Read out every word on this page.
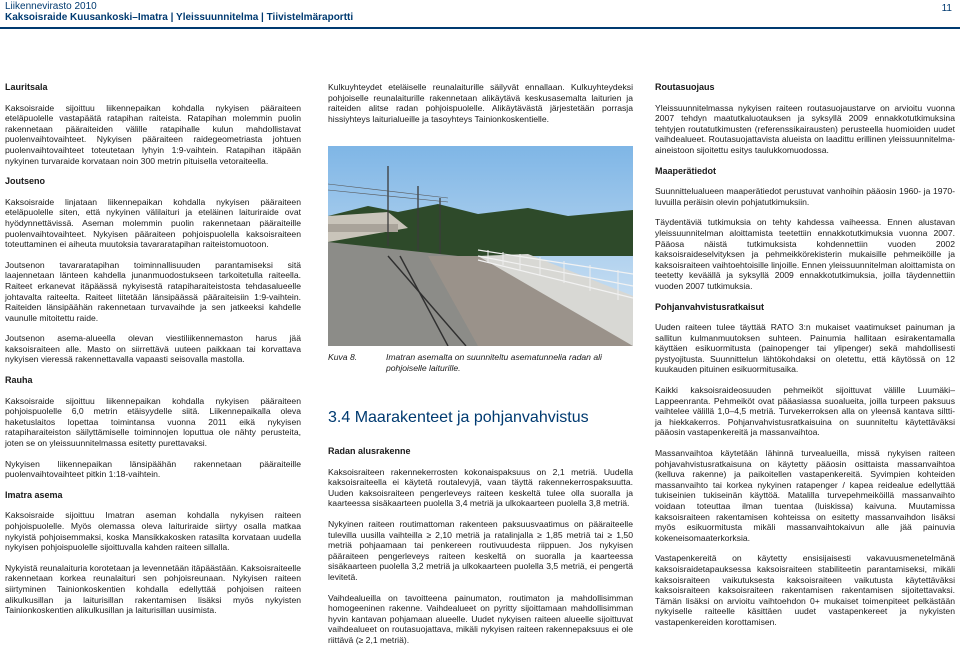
Liikennevirasto 2010
Kaksoisraide Kuusankoski–Imatra | Yleissuunnitelma | Tiivistelmäraportti
11
Lauritsala

Kaksoisraide sijoittuu liikennepaikan kohdalla nykyisen pääraiteen eteläpuolelle vastapäätä ratapihan raiteista. Ratapihan molemmin puolin rakennetaan pääraiteiden välille ratapihalle kulun mahdollistavat puolenvaihtovaihteet. Nykyisen pääraiteen raidegeometriasta johtuen puolenvaihtovaihteet toteutetaan lyhyin 1:9-vaihtein. Ratapihan itäpään nykyinen turvaraide korvataan noin 300 metrin pituisella vetoraiteella.

Joutseno

Kaksoisraide linjataan liikennepaikan kohdalla nykyisen pääraiteen eteläpuolelle siten, että nykyinen välilaituri ja eteläinen laituriraide ovat hyödynnettävissä. Aseman molemmin puolin rakennetaan pääraiteille puolenvaihtovaihteet. Nykyisen pääraiteen pohjoispuolella kaksoisraiteen toteuttaminen ei aiheuta muutoksia tavararatapihan raiteistomuotoon.

Joutsenon tavararatapihan toiminnallisuuden parantamiseksi sitä laajennetaan länteen kahdella junanmuodostukseen tarkoitetulla raiteella. Raiteet erkanevat itäpäässä nykyisestä ratapiharaiteistosta tehdasalueelle johtavalta raiteelta. Raiteet liitetään länsipäässä pääraiteisiin 1:9-vaihtein. Raiteiden länsipäähän rakennetaan turvavaihde ja sen jatkeeksi kahdelle vaunulle mitoitettu raide.

Joutsenon asema-alueella olevan viestiliikennemaston harus jää kaksoisraiteen alle. Masto on siirrettävä uuteen paikkaan tai korvattava nykyisen vieressä rakennettavalla vapaasti seisovalla mastolla.

Rauha

Kaksoisraide sijoittuu liikennepaikan kohdalla nykyisen pääraiteen pohjoispuolelle 6,0 metrin etäisyydelle siitä. Liikennepaikalla oleva haketuslaitos lopettaa toimintansa vuonna 2011 eikä nykyisen ratapiharaiteiston säilyttämiselle toiminnojen loputtua ole nähty perusteita, joten se on yleissuunnitelmassa esitetty purettavaksi.

Nykyisen liikennepaikan länsipäähän rakennetaan pääraiteille puolenvaihtovaihteet pitkin 1:18-vaihtein.

Imatra asema

Kaksoisraide sijoittuu Imatran aseman kohdalla nykyisen raiteen pohjoispuolelle. Myös olemassa oleva laituriraide siirtyy osalla matkaa nykyistä pohjoisemmaksi, koska Mansikkakosken ratasilta korvataan uudella nykyisen pohjoispuolelle sijoittuvalla kahden raiteen sillalla.

Nykyistä reunalaituria korotetaan ja levennetään itäpäästään. Kaksoisraiteelle rakennetaan korkea reunalaituri sen pohjoisreunaan. Nykyisen raiteen siirtyminen Tainionkoskentien kohdalla edellyttää pohjoisen raiteen alikulkusillan ja laiturisillan rakentamisen lisäksi myös nykyisten Tainionkoskentien alikulkusillan ja laiturisillan uusimista.

Kulkuyhteydet eteläiselle reunalaiturille säilyvät ennallaan. Kulkuyhteydeksi pohjoiselle reunalaiturille rakennetaan alikäytävä keskusasemalta laiturien ja raiteiden alitse radan pohjoispuolelle. Alikäytävästä järjestetään porrasja hissiyhteys laiturialueille ja tasoyhteys Tainionkoskentielle.

Kuva 8.	Imatran asemalta on suunniteltu asematunnelia radan ali pohjoiselle laiturille.
3.4 Maarakenteet ja pohjanvahvistus
Radan alusrakenne

Kaksoisraiteen rakennekerrosten kokonaispaksuus on 2,1 metriä. Uudella kaksoisraiteella ei käytetä routalevyjä, vaan täyttä rakennekerrospaksuutta. Uuden kaksoisraiteen pengerleveys raiteen keskeltä tulee olla suoralla ja kaarteessa sisäkaarteen puolella 3,4 metriä ja ulkokaarteen puolella 3,8 metriä.

Nykyinen raiteen routimattoman rakenteen paksuusvaatimus on pääraiteelle tulevilla uusilla vaihteilla ≥ 2,10 metriä ja ratalinjalla ≥ 1,85 metriä tai ≥ 1,50 metriä pohjaamaan tai penkereen routivuudesta riippuen. Jos nykyisen pääraiteen pengerleveys raiteen keskeltä on suoralla ja kaarteessa sisäkaarteen puolella 3,2 metriä ja ulkokaarteen puolella 3,5 metriä, ei pengertä levitetä.

Vaihdealueilla on tavoitteena painumaton, routimaton ja mahdollisimman homogeeninen rakenne. Vaihdealueet on pyritty sijoittamaan mahdollisimman hyvin kantavan pohjamaan alueelle. Uudet nykyisen raiteen alueelle sijoittuvat vaihdealueet on routasuojattava, mikäli nykyisen raiteen rakennepaksuus ei ole riittävä (≥ 2,1 metriä).

Routasuojaus

Yleissuunnitelmassa nykyisen raiteen routasuojaustarve on arvioitu vuonna 2007 tehdyn maatutkaluotauksen ja syksyllä 2009 ennakkotutkimuksina tehtyjen routatutkimusten (referenssikairausten) perusteella huomioiden uudet vaihdealueet. Routasuojattavista alueista on laadittu erillinen yleissuunnitelma-aineistoon sijoitettu esitys taulukkomuodossa.

Maaperätiedot

Suunnittelualueen maaperätiedot perustuvat vanhoihin pääosin 1960- ja 1970-luvuilla peräisin olevin pohjatutkimuksiin.

Täydentäviä tutkimuksia on tehty kahdessa vaiheessa. Ennen alustavan yleissuunnitelman aloittamista teetettiin ennakkotutkimuksia vuonna 2007. Pääosa näistä tutkimuksista kohdennettiin vuoden 2002 kaksoisraideselvityksen ja pehmeikkörekisterin mukaisille pehmeiköille ja kaksoisraiteen vaihtoehtoisille linjoille. Ennen yleissuunnitelman aloittamista on teetetty keväällä ja syksyllä 2009 ennakkotutkimuksia, joilla täydennettiin vuoden 2007 tutkimuksia.

Pohjanvahvistusratkaisut

Uuden raiteen tulee täyttää RATO 3:n mukaiset vaatimukset painuman ja sallitun kulmanmuutoksen suhteen. Painumia hallitaan esirakentamalla käyttäen esikuormitusta (painopenger tai ylipenger) sekä mahdollisesti pystyojitusta. Suunnittelun lähtökohdaksi on oletettu, että käytössä on 12 kuukauden pituinen esikuormitusaika.

Kaikki kaksoisraideosuuden pehmeiköt sijoittuvat välille Luumäki–Lappeenranta. Pehmeiköt ovat pääasiassa suoalueita, joilla turpeen paksuus vaihtelee välillä 1,0–4,5 metriä. Turvekerroksen alla on yleensä kantava siltti- ja hiekkakerros. Pohjanvahvistusratkaisuina on suunniteltu käytettäväksi pääosin vastapenkereitä ja massanvaihtoa.

Massanvaihtoa käytetään lähinnä turvealueilla, missä nykyisen raiteen pohjavahvistusratkaisuna on käytetty pääosin osittaista massanvaihtoa (kelluva rakenne) ja paikoitellen vastapenkereitä. Syvimpien kohteiden massanvaihto tai korkea nykyinen ratapenger / kapea reidealue edellyttää tukiseinien tukiseinän käyttöä. Matalilla turvepehmeiköillä massanvaihto voidaan toteuttaa ilman tuentaa (luiskissa) kaivuna. Muutamissa kaksoisraiteen rakentamisen kohteissa on esitetty massanvaihdon lisäksi myös esikuormitusta mikäli massanvaihtokaivun alle jää painuvia kokeneisomaaterkorksia.

Vastapenkereitä on käytetty ensisijaisesti vakavuusmenetelmänä kaksoisraidetapauksessa kaksoisraiteen stabiliteetin parantamiseksi, mikäli kaksoisraiteen vaikutuksesta kaksoisraiteen vaikutusta käytettäväksi kaksoisraiteen kaksoisraiteen rakentamisen rakentamisen sijoitettavaksi. Tämän lisäksi on arvioitu vaihtoehdon 0+ mukaiset toimenpiteet pelkästään nykyiselle raiteelle käsittäen uudet vastapenkereet ja nykyisten vastapenkereiden korottamisen.
